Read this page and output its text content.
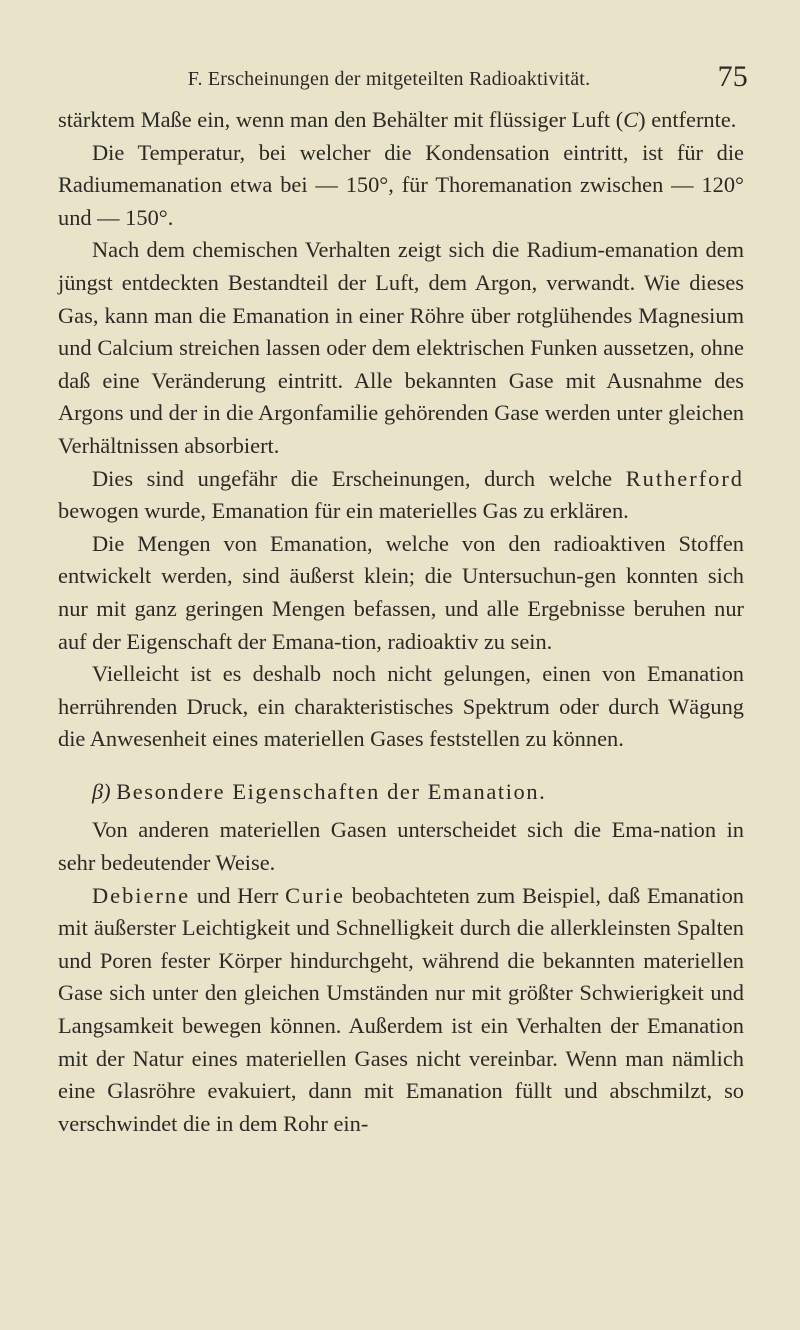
F. Erscheinungen der mitgeteilten Radioaktivität.	75

stärktem Maße ein, wenn man den Behälter mit flüssiger Luft (C) entfernte.

Die Temperatur, bei welcher die Kondensation eintritt, ist für die Radiumemanation etwa bei — 150°, für Thoremanation zwischen — 120° und — 150°.

Nach dem chemischen Verhalten zeigt sich die Radium-emanation dem jüngst entdeckten Bestandteil der Luft, dem Argon, verwandt. Wie dieses Gas, kann man die Emanation in einer Röhre über rotglühendes Magnesium und Calcium streichen lassen oder dem elektrischen Funken aussetzen, ohne daß eine Veränderung eintritt. Alle bekannten Gase mit Ausnahme des Argons und der in die Argonfamilie gehörenden Gase werden unter gleichen Verhältnissen absorbiert.

Dies sind ungefähr die Erscheinungen, durch welche Rutherford bewogen wurde, Emanation für ein materielles Gas zu erklären.

Die Mengen von Emanation, welche von den radioaktiven Stoffen entwickelt werden, sind äußerst klein; die Untersuchun-gen konnten sich nur mit ganz geringen Mengen befassen, und alle Ergebnisse beruhen nur auf der Eigenschaft der Emana-tion, radioaktiv zu sein.

Vielleicht ist es deshalb noch nicht gelungen, einen von Emanation herrührenden Druck, ein charakteristisches Spektrum oder durch Wägung die Anwesenheit eines materiellen Gases feststellen zu können.

β) Besondere Eigenschaften der Emanation.

Von anderen materiellen Gasen unterscheidet sich die Ema-nation in sehr bedeutender Weise.

Debierne und Herr Curie beobachteten zum Beispiel, daß Emanation mit äußerster Leichtigkeit und Schnelligkeit durch die allerkleinsten Spalten und Poren fester Körper hindurchgeht, während die bekannten materiellen Gase sich unter den gleichen Umständen nur mit größter Schwierigkeit und Langsamkeit bewegen können. Außerdem ist ein Verhalten der Emanation mit der Natur eines materiellen Gases nicht vereinbar. Wenn man nämlich eine Glasröhre evakuiert, dann mit Emanation füllt und abschmilzt, so verschwindet die in dem Rohr ein-
